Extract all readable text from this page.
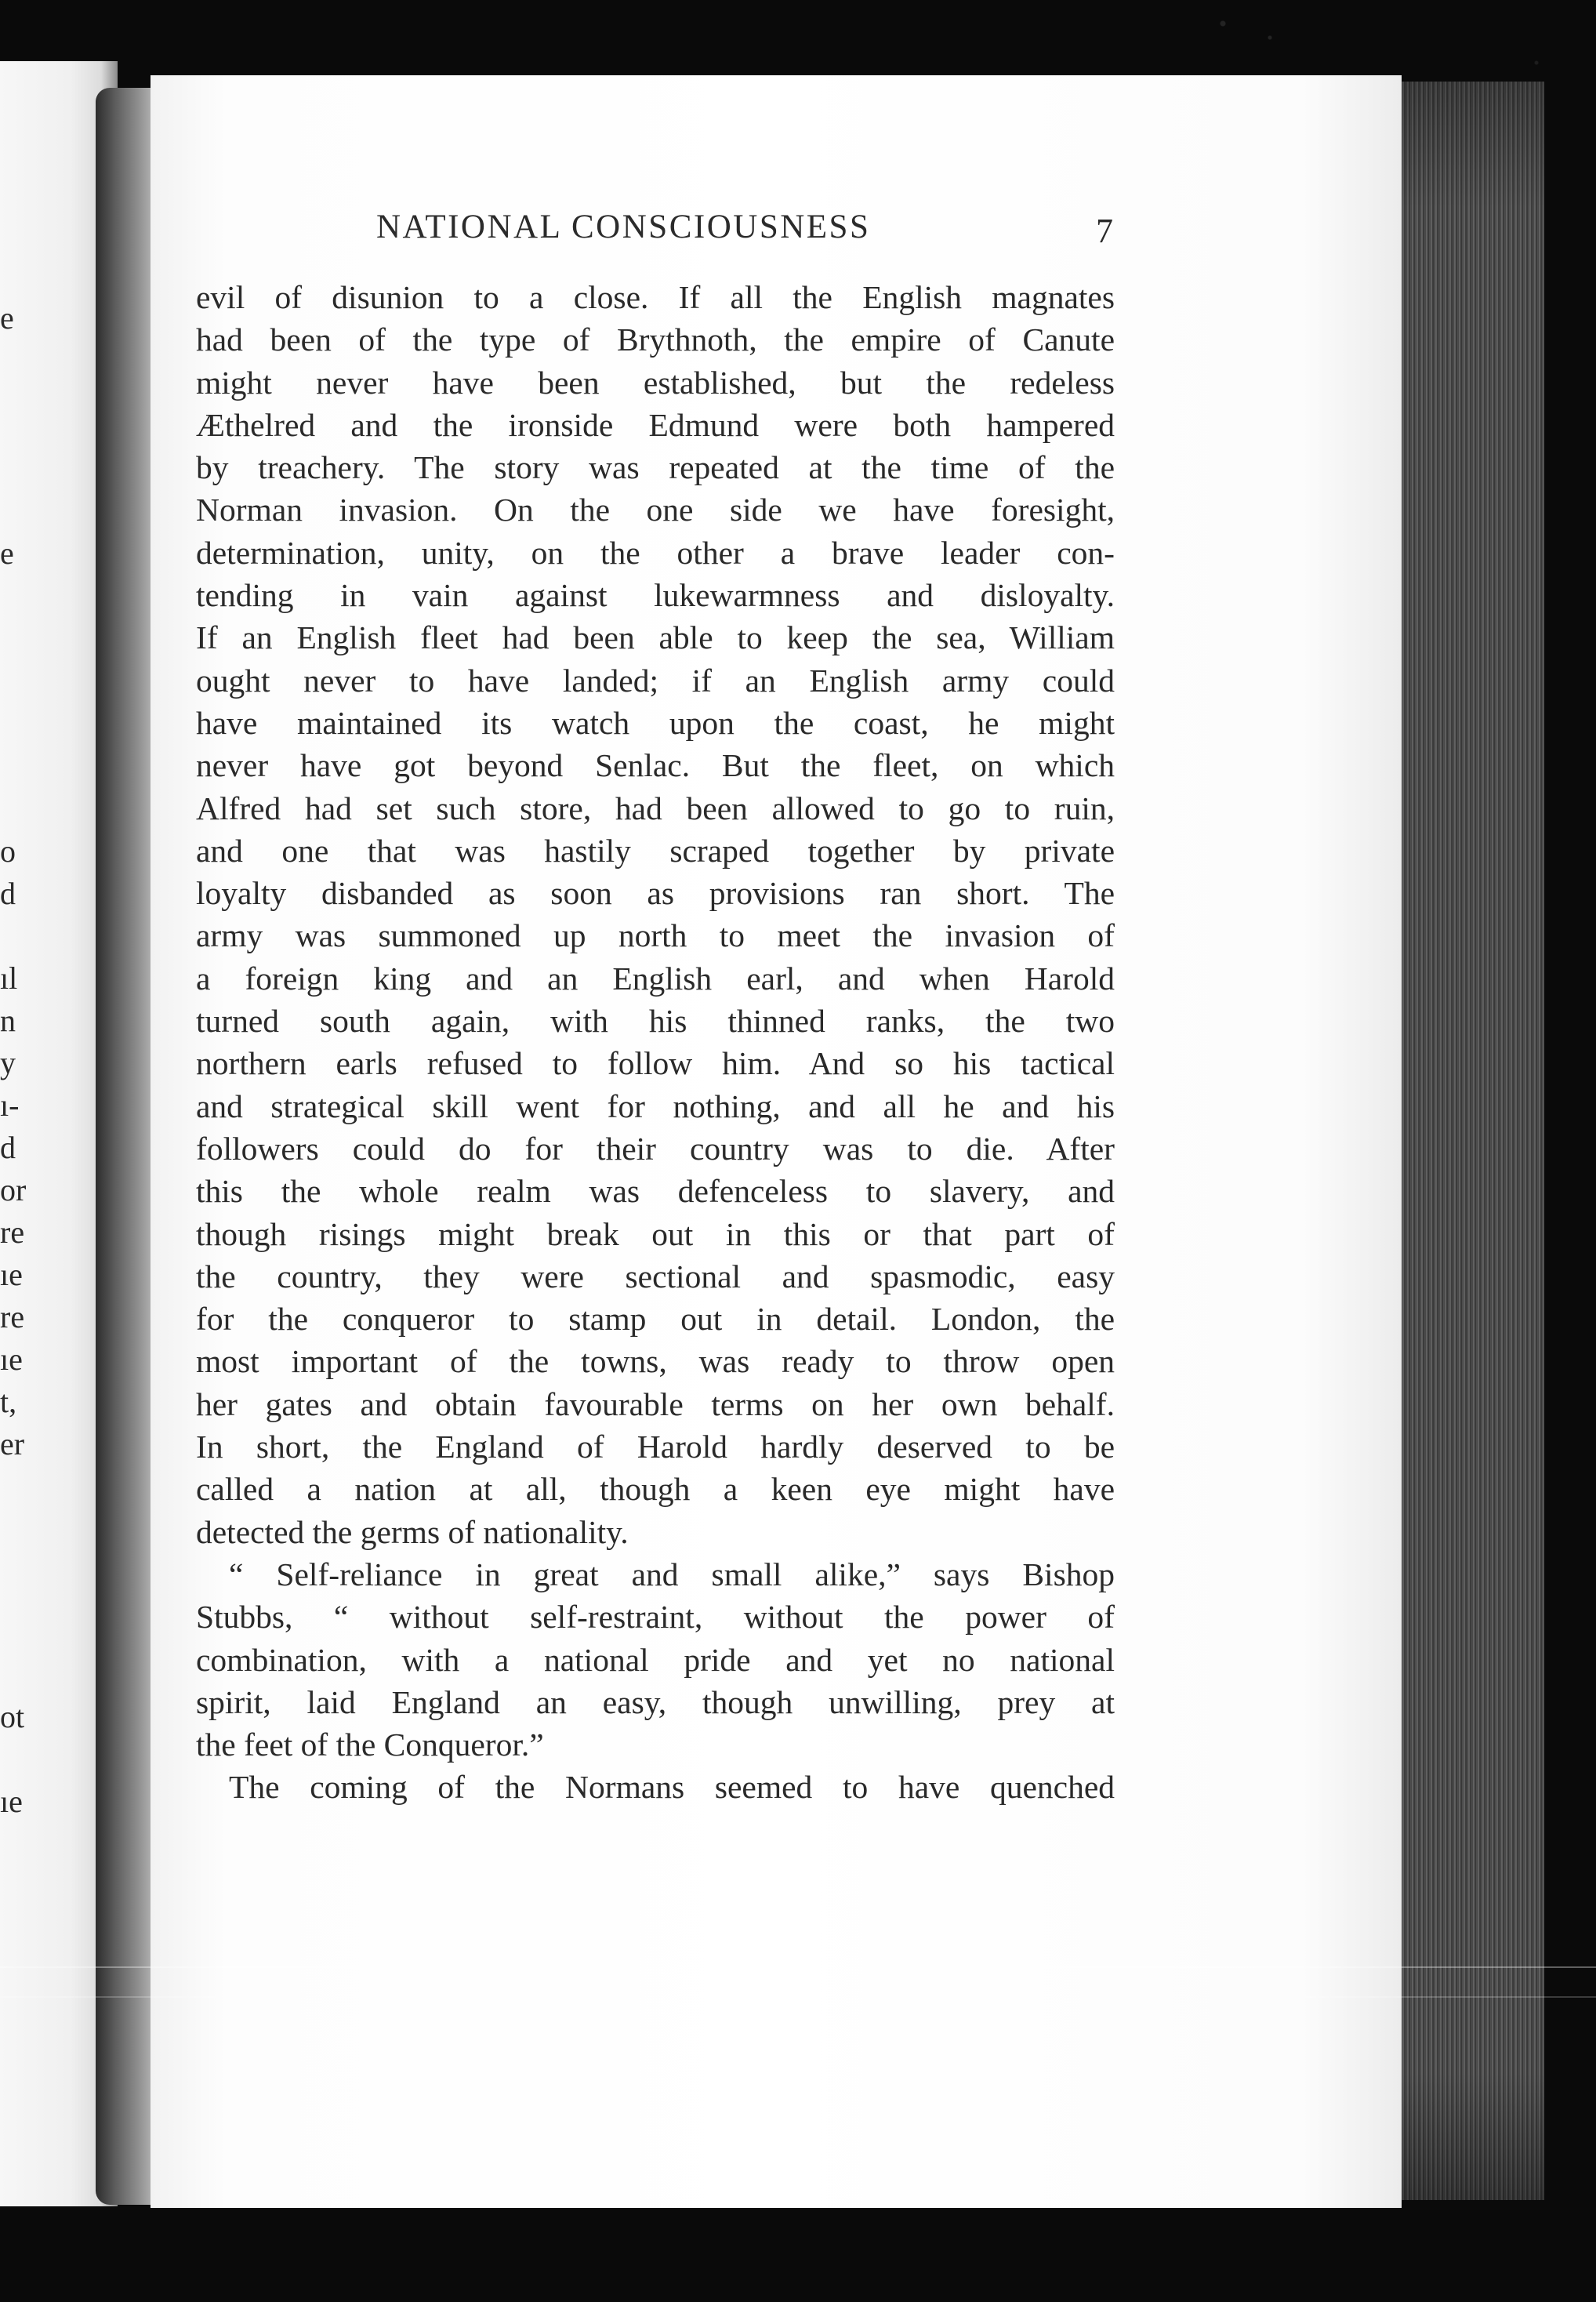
e
e
o
d
ıl
n
y
ı-
d
or
re
ıe
re
ıe
t,
er
ot
ıe
NATIONAL CONSCIOUSNESS	7
evil of disunion to a close. If all the English magnates
had been of the type of Brythnoth, the empire of Canute
might never have been established, but the redeless
Æthelred and the ironside Edmund were both hampered
by treachery. The story was repeated at the time of the
Norman invasion. On the one side we have foresight,
determination, unity, on the other a brave leader con-
tending in vain against lukewarmness and disloyalty.
If an English fleet had been able to keep the sea, William
ought never to have landed; if an English army could
have maintained its watch upon the coast, he might
never have got beyond Senlac. But the fleet, on which
Alfred had set such store, had been allowed to go to ruin,
and one that was hastily scraped together by private
loyalty disbanded as soon as provisions ran short. The
army was summoned up north to meet the invasion of
a foreign king and an English earl, and when Harold
turned south again, with his thinned ranks, the two
northern earls refused to follow him. And so his tactical
and strategical skill went for nothing, and all he and his
followers could do for their country was to die. After
this the whole realm was defenceless to slavery, and
though risings might break out in this or that part of
the country, they were sectional and spasmodic, easy
for the conqueror to stamp out in detail. London, the
most important of the towns, was ready to throw open
her gates and obtain favourable terms on her own behalf.
In short, the England of Harold hardly deserved to be
called a nation at all, though a keen eye might have
detected the germs of nationality.
“ Self-reliance in great and small alike,” says Bishop
Stubbs, “ without self-restraint, without the power of
combination, with a national pride and yet no national
spirit, laid England an easy, though unwilling, prey at
the feet of the Conqueror.”
The coming of the Normans seemed to have quenched
